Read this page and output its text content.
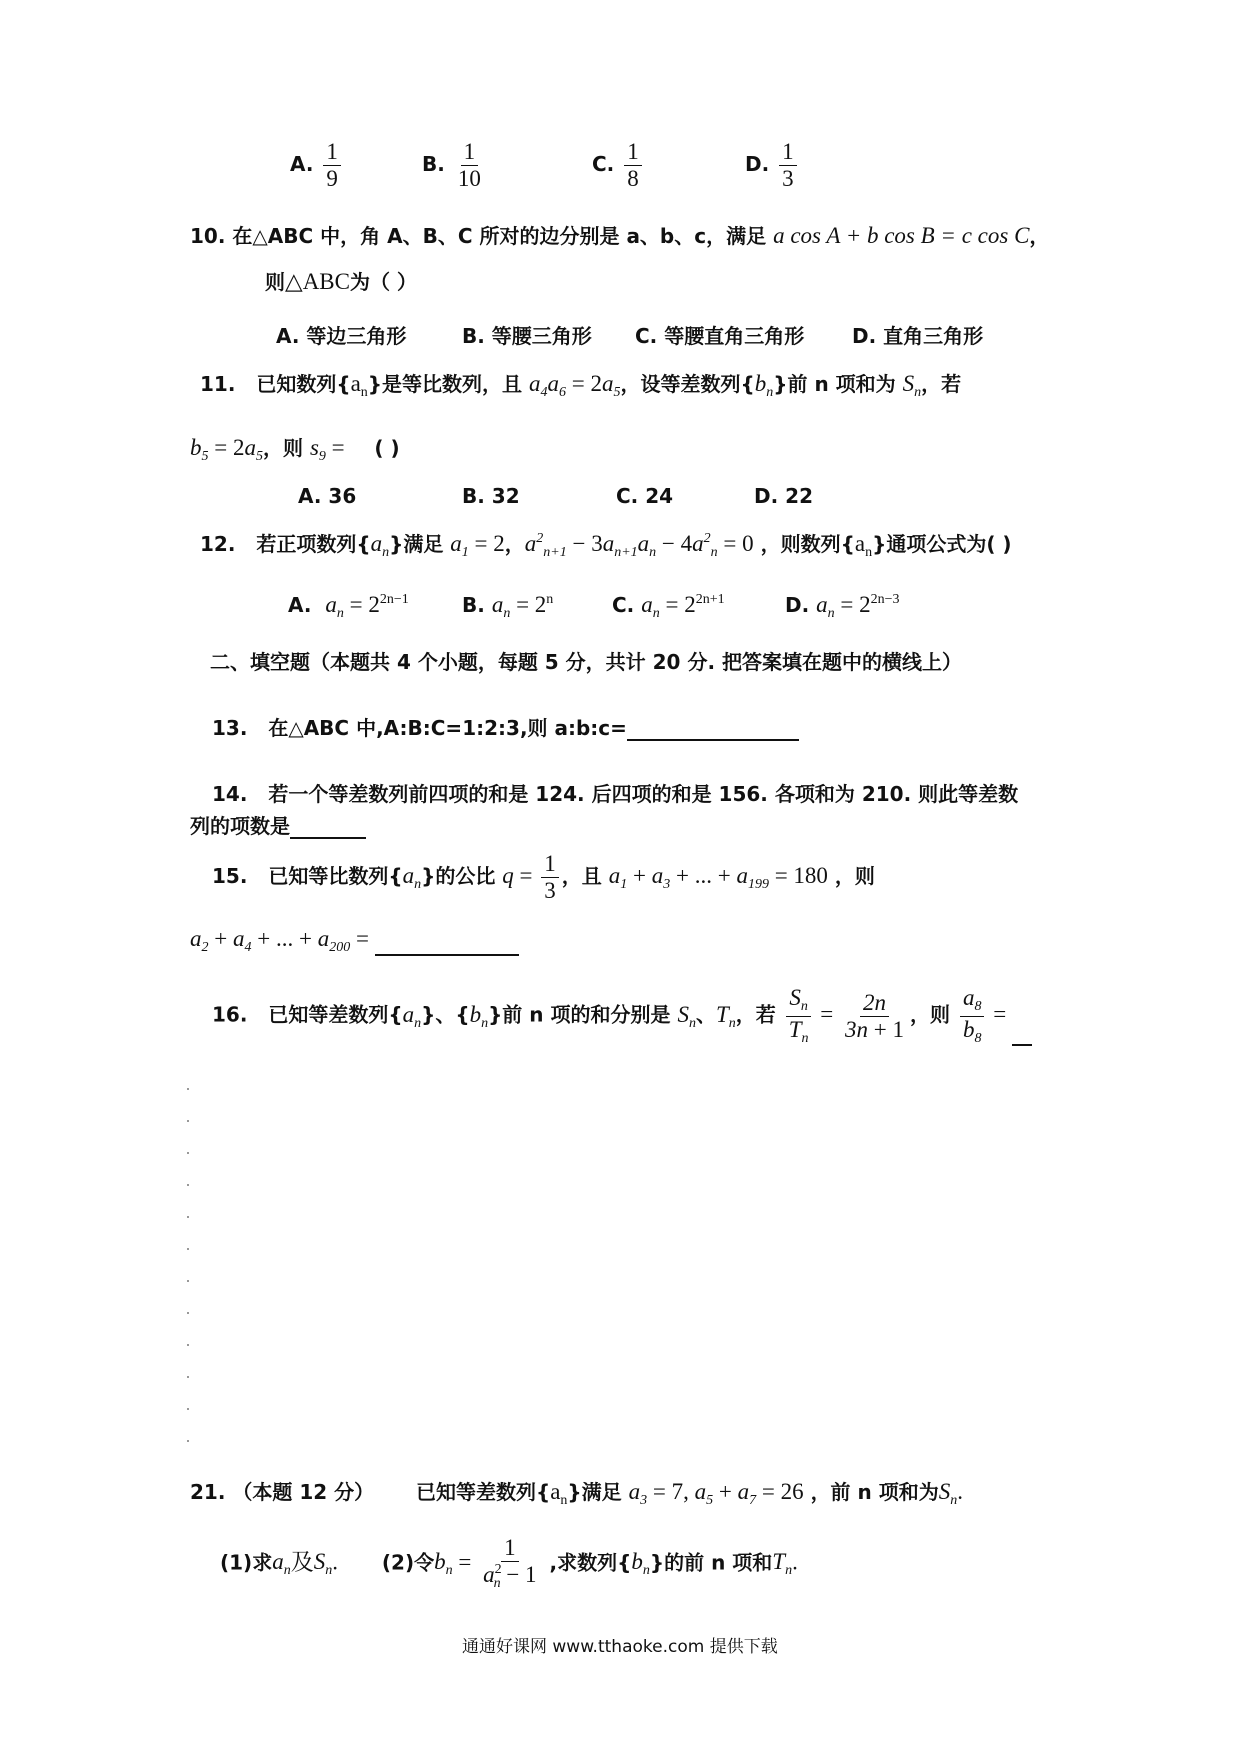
A. $\frac{1}{9}$	B. $\frac{1}{10}$	C. $\frac{1}{8}$	D. $\frac{1}{3}$
10. 在△ABC 中，角 A、B、C 所对的边分别是 a、b、c，满足 a cos A + b cos B = c cos C，
则△ABC为（ ）
A. 等边三角形	B. 等腰三角形 C. 等腰直角三角形 D. 直角三角形
11. 已知数列$\{a_n\}$是等比数列，且 $a_4a_6 = 2a_5$，设等差数列$\{b_n\}$前 n 项和为 $S_n$，若
$b_5 = 2a_5$，则 $s_9$ = ( )
A. 36	B. 32	C. 24	D. 22
12. 若正项数列$\{a_n\}$满足 $a_1 = 2$，$a^2_{n+1} - 3a_{n+1}a_n - 4a^2_n = 0$ ，则数列$\{a_n\}$通项公式为( )
A. $a_n = 2^{2n-1}$	B. $a_n = 2^n$	C. $a_n = 2^{2n+1}$	D. $a_n = 2^{2n-3}$
二、填空题（本题共 4 个小题，每题 5 分，共计 20 分. 把答案填在题中的横线上）
13. 在△ABC 中,A:B:C=1:2:3,则 a:b:c=
14. 若一个等差数列前四项的和是 124. 后四项的和是 156. 各项和为 210. 则此等差数
列的项数是
15. 已知等比数列$\{a_n\}$的公比 $q = \frac{1}{3}$ ，且 $a_1 + a_3$ + ... + $a_{199} = 180$ ，则
$a_2 + a_4$ + ... + $a_{200}$ =
16. 已知等差数列$\{a_n\}$、$\{b_n\}$前 n 项的和分别是 $S_n$、$T_n$，若 $\frac{S_n}{T_n} = \frac{2n}{3n + 1}$ ，则 $\frac{a_8}{b_8}$ =
21. （本题 12 分） 已知等差数列$\{a_n\}$满足 $a_3 = 7$, $a_5 + a_7 = 26$ ，前 n 项和为$S_n$.
(1)求$a_n$及$S_n$. (2)令$b_n = \frac{1}{a^2_n - 1}$ ,求数列$\{b_n\}$的前 n 项和$T_n$.
通通好课网 www.tthaoke.com 提供下载
